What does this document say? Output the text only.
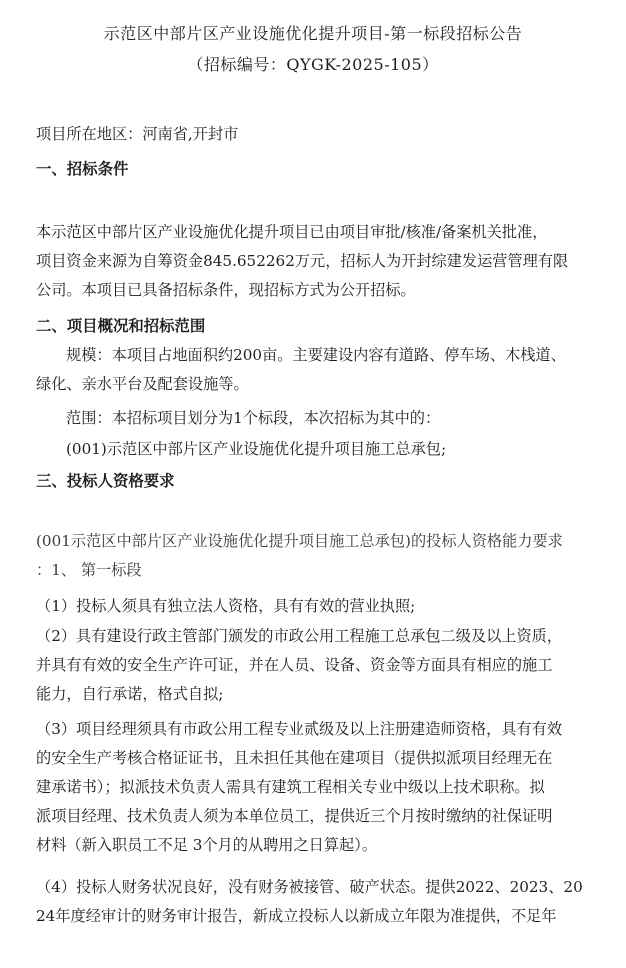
示范区中部片区产业设施优化提升项目-第一标段招标公告
（招标编号：QYGK-2025-105）
项目所在地区：河南省,开封市
一、招标条件
本示范区中部片区产业设施优化提升项目已由项目审批/核准/备案机关批准，
项目资金来源为自筹资金845.652262万元，招标人为开封综建发运营管理有限
公司。本项目已具备招标条件，现招标方式为公开招标。
二、项目概况和招标范围
规模：本项目占地面积约200亩。主要建设内容有道路、停车场、木栈道、
绿化、亲水平台及配套设施等。
范围：本招标项目划分为1个标段，本次招标为其中的：
(001)示范区中部片区产业设施优化提升项目施工总承包;
三、投标人资格要求
(001示范区中部片区产业设施优化提升项目施工总承包)的投标人资格能力要求
：1、 第一标段
（1）投标人须具有独立法人资格，具有有效的营业执照;
（2）具有建设行政主管部门颁发的市政公用工程施工总承包二级及以上资质，
并具有有效的安全生产许可证，并在人员、设备、资金等方面具有相应的施工
能力，自行承诺，格式自拟;
（3）项目经理须具有市政公用工程专业贰级及以上注册建造师资格，具有有效
的安全生产考核合格证证书，且未担任其他在建项目（提供拟派项目经理无在
建承诺书）；拟派技术负责人需具有建筑工程相关专业中级以上技术职称。拟
派项目经理、技术负责人须为本单位员工，提供近三个月按时缴纳的社保证明
材料（新入职员工不足 3个月的从聘用之日算起）。
（4）投标人财务状况良好，没有财务被接管、破产状态。提供2022、2023、20
24年度经审计的财务审计报告，新成立投标人以新成立年限为准提供，不足年
